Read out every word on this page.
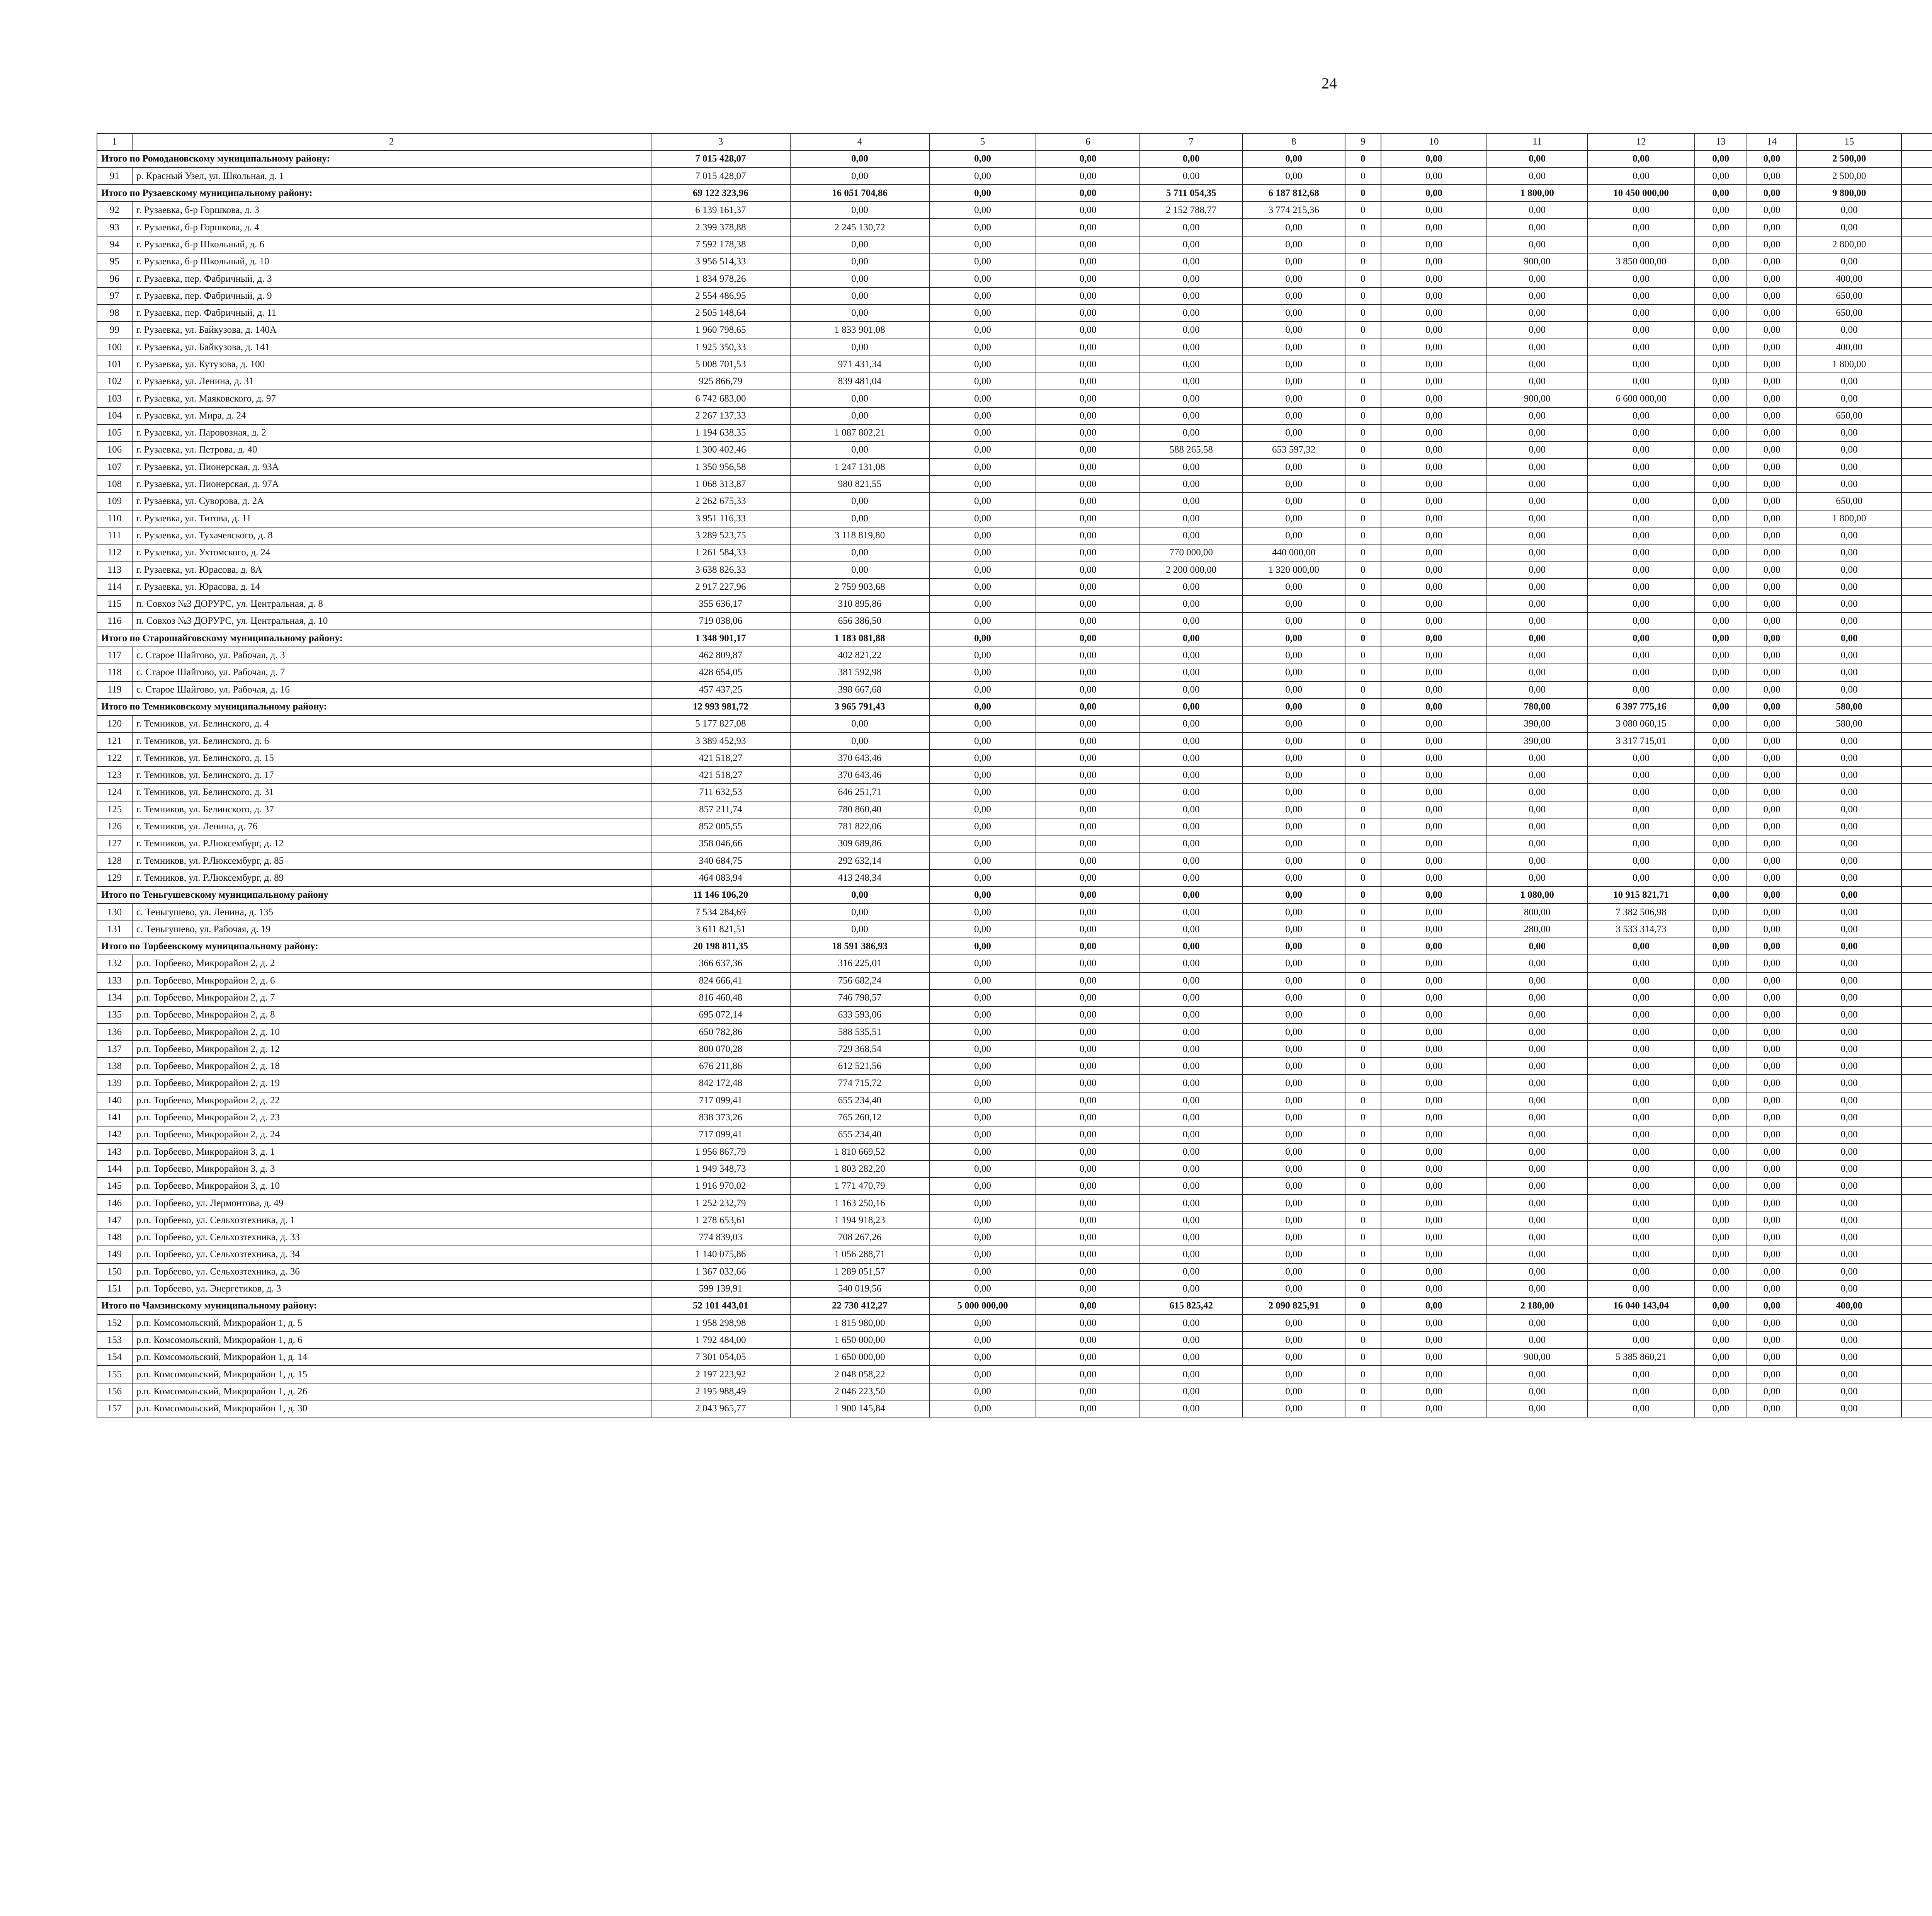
24
1	2	3	4	5	6	7	8	9	10	11	12	13	14	15						
Итого по Ромодановскому муниципальному району:		7 015 428,07	0,00	0,00	0,00	0,00	0,00	0	0,00	0,00	0,00	0,00	0,00	2 500,00						
91	р. Красный Узел, ул. Школьная, д. 1	7 015 428,07	0,00	0,00	0,00	0,00	0,00	0	0,00	0,00	0,00	0,00	0,00	2 500,00						
Итого по Рузаевскому муниципальному району:		69 122 323,96	16 051 704,86	0,00	0,00	5 711 054,35	6 187 812,68	0	0,00	1 800,00	10 450 000,00	0,00	0,00	9 800,00						
92	г. Рузаевка, б-р Горшкова, д. 3	6 139 161,37	0,00	0,00	0,00	2 152 788,77	3 774 215,36	0	0,00	0,00	0,00	0,00	0,00	0,00						
93	г. Рузаевка, б-р Горшкова, д. 4	2 399 378,88	2 245 130,72	0,00	0,00	0,00	0,00	0	0,00	0,00	0,00	0,00	0,00	0,00						
94	г. Рузаевка, б-р Школьный, д. 6	7 592 178,38	0,00	0,00	0,00	0,00	0,00	0	0,00	0,00	0,00	0,00	0,00	2 800,00						
95	г. Рузаевка, б-р Школьный, д. 10	3 956 514,33	0,00	0,00	0,00	0,00	0,00	0	0,00	900,00	3 850 000,00	0,00	0,00	0,00						
96	г. Рузаевка, пер. Фабричный, д. 3	1 834 978,26	0,00	0,00	0,00	0,00	0,00	0	0,00	0,00	0,00	0,00	0,00	400,00						
97	г. Рузаевка, пер. Фабричный, д. 9	2 554 486,95	0,00	0,00	0,00	0,00	0,00	0	0,00	0,00	0,00	0,00	0,00	650,00						
98	г. Рузаевка, пер. Фабричный, д. 11	2 505 148,64	0,00	0,00	0,00	0,00	0,00	0	0,00	0,00	0,00	0,00	0,00	650,00						
99	г. Рузаевка, ул. Байкузова, д. 140А	1 960 798,65	1 833 901,08	0,00	0,00	0,00	0,00	0	0,00	0,00	0,00	0,00	0,00	0,00						
100	г. Рузаевка, ул. Байкузова, д. 141	1 925 350,33	0,00	0,00	0,00	0,00	0,00	0	0,00	0,00	0,00	0,00	0,00	400,00						
101	г. Рузаевка, ул. Кутузова, д. 100	5 008 701,53	971 431,34	0,00	0,00	0,00	0,00	0	0,00	0,00	0,00	0,00	0,00	1 800,00						
102	г. Рузаевка, ул. Ленина, д. 31	925 866,79	839 481,04	0,00	0,00	0,00	0,00	0	0,00	0,00	0,00	0,00	0,00	0,00						
103	г. Рузаевка, ул. Маяковского, д. 97	6 742 683,00	0,00	0,00	0,00	0,00	0,00	0	0,00	900,00	6 600 000,00	0,00	0,00	0,00						
104	г. Рузаевка, ул. Мира, д. 24	2 267 137,33	0,00	0,00	0,00	0,00	0,00	0	0,00	0,00	0,00	0,00	0,00	650,00						
105	г. Рузаевка, ул. Паровозная, д. 2	1 194 638,35	1 087 802,21	0,00	0,00	0,00	0,00	0	0,00	0,00	0,00	0,00	0,00	0,00						
106	г. Рузаевка, ул. Петрова, д. 40	1 300 402,46	0,00	0,00	0,00	588 265,58	653 597,32	0	0,00	0,00	0,00	0,00	0,00	0,00						
107	г. Рузаевка, ул. Пионерская, д. 93А	1 350 956,58	1 247 131,08	0,00	0,00	0,00	0,00	0	0,00	0,00	0,00	0,00	0,00	0,00						
108	г. Рузаевка, ул. Пионерская, д. 97А	1 068 313,87	980 821,55	0,00	0,00	0,00	0,00	0	0,00	0,00	0,00	0,00	0,00	0,00						
109	г. Рузаевка, ул. Суворова, д. 2А	2 262 675,33	0,00	0,00	0,00	0,00	0,00	0	0,00	0,00	0,00	0,00	0,00	650,00						
110	г. Рузаевка, ул. Титова, д. 11	3 951 116,33	0,00	0,00	0,00	0,00	0,00	0	0,00	0,00	0,00	0,00	0,00	1 800,00						
111	г. Рузаевка, ул. Тухачевского, д. 8	3 289 523,75	3 118 819,80	0,00	0,00	0,00	0,00	0	0,00	0,00	0,00	0,00	0,00	0,00						
112	г. Рузаевка, ул. Ухтомского, д. 24	1 261 584,33	0,00	0,00	0,00	770 000,00	440 000,00	0	0,00	0,00	0,00	0,00	0,00	0,00						
113	г. Рузаевка, ул. Юрасова, д. 8А	3 638 826,33	0,00	0,00	0,00	2 200 000,00	1 320 000,00	0	0,00	0,00	0,00	0,00	0,00	0,00						
114	г. Рузаевка, ул. Юрасова, д. 14	2 917 227,96	2 759 903,68	0,00	0,00	0,00	0,00	0	0,00	0,00	0,00	0,00	0,00	0,00						
115	п. Совхоз №3 ДОРУРС, ул. Центральная, д. 8	355 636,17	310 895,86	0,00	0,00	0,00	0,00	0	0,00	0,00	0,00	0,00	0,00	0,00						
116	п. Совхоз №3 ДОРУРС, ул. Центральная, д. 10	719 038,06	656 386,50	0,00	0,00	0,00	0,00	0	0,00	0,00	0,00	0,00	0,00	0,00						
Итого по Старошайговскому муниципальному району:		1 348 901,17	1 183 081,88	0,00	0,00	0,00	0,00	0	0,00	0,00	0,00	0,00	0,00	0,00						
117	с. Старое Шайгово, ул. Рабочая, д. 3	462 809,87	402 821,22	0,00	0,00	0,00	0,00	0	0,00	0,00	0,00	0,00	0,00	0,00						
118	с. Старое Шайгово, ул. Рабочая, д. 7	428 654,05	381 592,98	0,00	0,00	0,00	0,00	0	0,00	0,00	0,00	0,00	0,00	0,00						
119	с. Старое Шайгово, ул. Рабочая, д. 16	457 437,25	398 667,68	0,00	0,00	0,00	0,00	0	0,00	0,00	0,00	0,00	0,00	0,00						
Итого по Темниковскому муниципальному району:		12 993 981,72	3 965 791,43	0,00	0,00	0,00	0,00	0	0,00	780,00	6 397 775,16	0,00	0,00	580,00						
120	г. Темников, ул. Белинского, д. 4	5 177 827,08	0,00	0,00	0,00	0,00	0,00	0	0,00	390,00	3 080 060,15	0,00	0,00	580,00						
121	г. Темников, ул. Белинского, д. 6	3 389 452,93	0,00	0,00	0,00	0,00	0,00	0	0,00	390,00	3 317 715,01	0,00	0,00	0,00						
122	г. Темников, ул. Белинского, д. 15	421 518,27	370 643,46	0,00	0,00	0,00	0,00	0	0,00	0,00	0,00	0,00	0,00	0,00						
123	г. Темников, ул. Белинского, д. 17	421 518,27	370 643,46	0,00	0,00	0,00	0,00	0	0,00	0,00	0,00	0,00	0,00	0,00						
124	г. Темников, ул. Белинского, д. 31	711 632,53	646 251,71	0,00	0,00	0,00	0,00	0	0,00	0,00	0,00	0,00	0,00	0,00						
125	г. Темников, ул. Белинского, д. 37	857 211,74	780 860,40	0,00	0,00	0,00	0,00	0	0,00	0,00	0,00	0,00	0,00	0,00						
126	г. Темников, ул. Ленина, д. 76	852 005,55	781 822,06	0,00	0,00	0,00	0,00	0	0,00	0,00	0,00	0,00	0,00	0,00						
127	г. Темников, ул. Р.Люксембург, д. 12	358 046,66	309 689,86	0,00	0,00	0,00	0,00	0	0,00	0,00	0,00	0,00	0,00	0,00						
128	г. Темников, ул. Р.Люксембург, д. 85	340 684,75	292 632,14	0,00	0,00	0,00	0,00	0	0,00	0,00	0,00	0,00	0,00	0,00						
129	г. Темников, ул. Р.Люксембург, д. 89	464 083,94	413 248,34	0,00	0,00	0,00	0,00	0	0,00	0,00	0,00	0,00	0,00	0,00						
Итого по Теньгушевскому муниципальному району		11 146 106,20	0,00	0,00	0,00	0,00	0,00	0	0,00	1 080,00	10 915 821,71	0,00	0,00	0,00						
130	с. Теньгушево, ул. Ленина, д. 135	7 534 284,69	0,00	0,00	0,00	0,00	0,00	0	0,00	800,00	7 382 506,98	0,00	0,00	0,00						
131	с. Теньгушево, ул. Рабочая, д. 19	3 611 821,51	0,00	0,00	0,00	0,00	0,00	0	0,00	280,00	3 533 314,73	0,00	0,00	0,00						
Итого по Торбеевскому муниципальному району:		20 198 811,35	18 591 386,93	0,00	0,00	0,00	0,00	0	0,00	0,00	0,00	0,00	0,00	0,00						
132	р.п. Торбеево, Микрорайон 2, д. 2	366 637,36	316 225,01	0,00	0,00	0,00	0,00	0	0,00	0,00	0,00	0,00	0,00	0,00						
133	р.п. Торбеево, Микрорайон 2, д. 6	824 666,41	756 682,24	0,00	0,00	0,00	0,00	0	0,00	0,00	0,00	0,00	0,00	0,00						
134	р.п. Торбеево, Микрорайон 2, д. 7	816 460,48	746 798,57	0,00	0,00	0,00	0,00	0	0,00	0,00	0,00	0,00	0,00	0,00						
135	р.п. Торбеево, Микрорайон 2, д. 8	695 072,14	633 593,06	0,00	0,00	0,00	0,00	0	0,00	0,00	0,00	0,00	0,00	0,00						
136	р.п. Торбеево, Микрорайон 2, д. 10	650 782,86	588 535,51	0,00	0,00	0,00	0,00	0	0,00	0,00	0,00	0,00	0,00	0,00						
137	р.п. Торбеево, Микрорайон 2, д. 12	800 070,28	729 368,54	0,00	0,00	0,00	0,00	0	0,00	0,00	0,00	0,00	0,00	0,00						
138	р.п. Торбеево, Микрорайон 2, д. 18	676 211,86	612 521,56	0,00	0,00	0,00	0,00	0	0,00	0,00	0,00	0,00	0,00	0,00						
139	р.п. Торбеево, Микрорайон 2, д. 19	842 172,48	774 715,72	0,00	0,00	0,00	0,00	0	0,00	0,00	0,00	0,00	0,00	0,00						
140	р.п. Торбеево, Микрорайон 2, д. 22	717 099,41	655 234,40	0,00	0,00	0,00	0,00	0	0,00	0,00	0,00	0,00	0,00	0,00						
141	р.п. Торбеево, Микрорайон 2, д. 23	838 373,26	765 260,12	0,00	0,00	0,00	0,00	0	0,00	0,00	0,00	0,00	0,00	0,00						
142	р.п. Торбеево, Микрорайон 2, д. 24	717 099,41	655 234,40	0,00	0,00	0,00	0,00	0	0,00	0,00	0,00	0,00	0,00	0,00						
143	р.п. Торбеево, Микрорайон 3, д. 1	1 956 867,79	1 810 669,52	0,00	0,00	0,00	0,00	0	0,00	0,00	0,00	0,00	0,00	0,00						
144	р.п. Торбеево, Микрорайон 3, д. 3	1 949 348,73	1 803 282,20	0,00	0,00	0,00	0,00	0	0,00	0,00	0,00	0,00	0,00	0,00						
145	р.п. Торбеево, Микрорайон 3, д. 10	1 916 970,02	1 771 470,79	0,00	0,00	0,00	0,00	0	0,00	0,00	0,00	0,00	0,00	0,00						
146	р.п. Торбеево, ул. Лермонтова, д. 49	1 252 232,79	1 163 250,16	0,00	0,00	0,00	0,00	0	0,00	0,00	0,00	0,00	0,00	0,00						
147	р.п. Торбеево, ул. Сельхозтехника, д. 1	1 278 653,61	1 194 918,23	0,00	0,00	0,00	0,00	0	0,00	0,00	0,00	0,00	0,00	0,00						
148	р.п. Торбеево, ул. Сельхозтехника, д. 33	774 839,03	708 267,26	0,00	0,00	0,00	0,00	0	0,00	0,00	0,00	0,00	0,00	0,00						
149	р.п. Торбеево, ул. Сельхозтехника, д. 34	1 140 075,86	1 056 288,71	0,00	0,00	0,00	0,00	0	0,00	0,00	0,00	0,00	0,00	0,00						
150	р.п. Торбеево, ул. Сельхозтехника, д. 36	1 367 032,66	1 289 051,57	0,00	0,00	0,00	0,00	0	0,00	0,00	0,00	0,00	0,00	0,00						
151	р.п. Торбеево, ул. Энергетиков, д. 3	599 139,91	540 019,56	0,00	0,00	0,00	0,00	0	0,00	0,00	0,00	0,00	0,00	0,00						
Итого по Чамзинскому муниципальному району:		52 101 443,01	22 730 412,27	5 000 000,00	0,00	615 825,42	2 090 825,91	0	0,00	2 180,00	16 040 143,04	0,00	0,00	400,00						
152	р.п. Комсомольский, Микрорайон 1, д. 5	1 958 298,98	1 815 980,00	0,00	0,00	0,00	0,00	0	0,00	0,00	0,00	0,00	0,00	0,00						
153	р.п. Комсомольский, Микрорайон 1, д. 6	1 792 484,00	1 650 000,00	0,00	0,00	0,00	0,00	0	0,00	0,00	0,00	0,00	0,00	0,00						
154	р.п. Комсомольский, Микрорайон 1, д. 14	7 301 054,05	1 650 000,00	0,00	0,00	0,00	0,00	0	0,00	900,00	5 385 860,21	0,00	0,00	0,00						
155	р.п. Комсомольский, Микрорайон 1, д. 15	2 197 223,92	2 048 058,22	0,00	0,00	0,00	0,00	0	0,00	0,00	0,00	0,00	0,00	0,00						
156	р.п. Комсомольский, Микрорайон 1, д. 26	2 195 988,49	2 046 223,50	0,00	0,00	0,00	0,00	0	0,00	0,00	0,00	0,00	0,00	0,00						
157	р.п. Комсомольский, Микрорайон 1, д. 30	2 043 965,77	1 900 145,84	0,00	0,00	0,00	0,00	0	0,00	0,00	0,00	0,00	0,00	0,00						
